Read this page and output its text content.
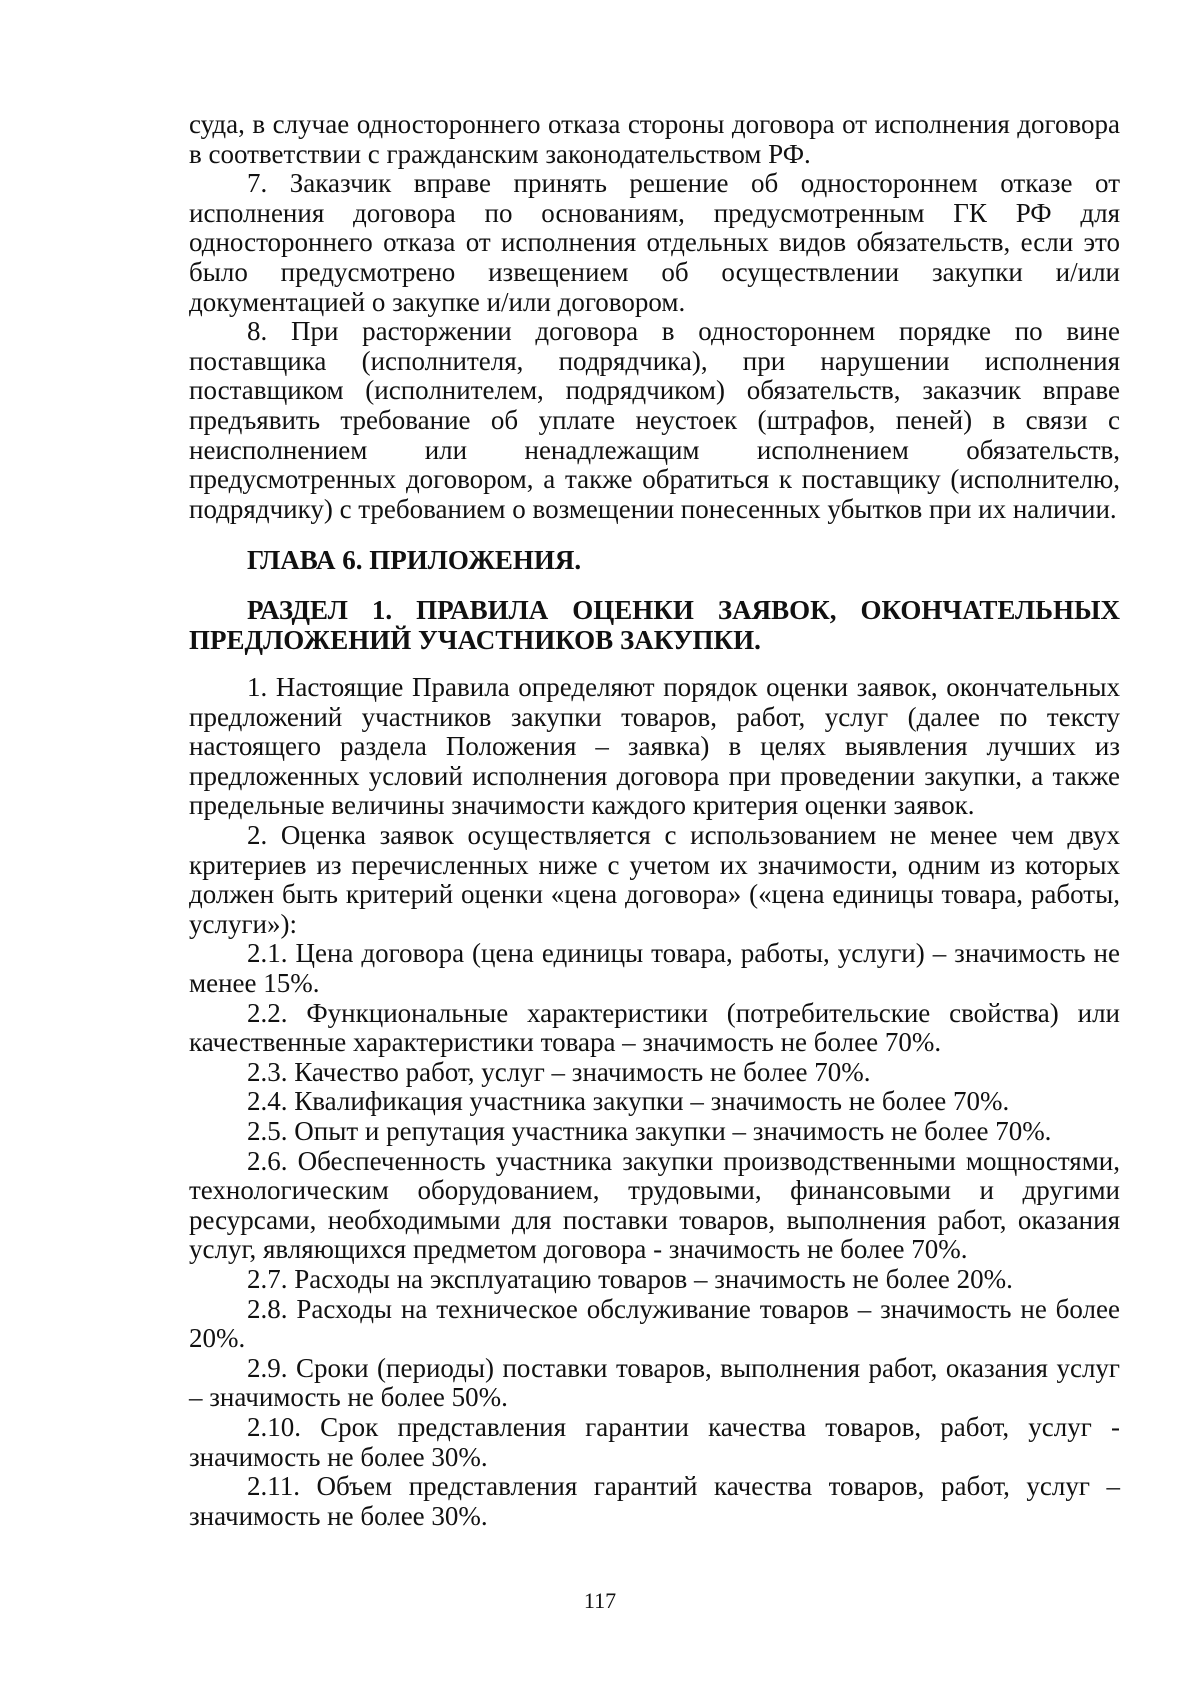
суда, в случае одностороннего отказа стороны договора от исполнения договора в соответствии с гражданским законодательством РФ.

7. Заказчик вправе принять решение об одностороннем отказе от исполнения договора по основаниям, предусмотренным ГК РФ для одностороннего отказа от исполнения отдельных видов обязательств, если это было предусмотрено извещением об осуществлении закупки и/или документацией о закупке и/или договором.

8. При расторжении договора в одностороннем порядке по вине поставщика (исполнителя, подрядчика), при нарушении исполнения поставщиком (исполнителем, подрядчиком) обязательств, заказчик вправе предъявить требование об уплате неустоек (штрафов, пеней) в связи с неисполнением или ненадлежащим исполнением обязательств, предусмотренных договором, а также обратиться к поставщику (исполнителю, подрядчику) с требованием о возмещении понесенных убытков при их наличии.

ГЛАВА 6. ПРИЛОЖЕНИЯ.

РАЗДЕЛ 1. ПРАВИЛА ОЦЕНКИ ЗАЯВОК, ОКОНЧАТЕЛЬНЫХ ПРЕДЛОЖЕНИЙ УЧАСТНИКОВ ЗАКУПКИ.

1. Настоящие Правила определяют порядок оценки заявок, окончательных предложений участников закупки товаров, работ, услуг (далее по тексту настоящего раздела Положения – заявка) в целях выявления лучших из предложенных условий исполнения договора при проведении закупки, а также предельные величины значимости каждого критерия оценки заявок.

2. Оценка заявок осуществляется с использованием не менее чем двух критериев из перечисленных ниже с учетом их значимости, одним из которых должен быть критерий оценки «цена договора» («цена единицы товара, работы, услуги»):

2.1. Цена договора (цена единицы товара, работы, услуги) – значимость не менее 15%.

2.2. Функциональные характеристики (потребительские свойства) или качественные характеристики товара – значимость не более 70%.

2.3. Качество работ, услуг – значимость не более 70%.

2.4. Квалификация участника закупки – значимость не более 70%.

2.5. Опыт и репутация участника закупки – значимость не более 70%.

2.6. Обеспеченность участника закупки производственными мощностями, технологическим оборудованием, трудовыми, финансовыми и другими ресурсами, необходимыми для поставки товаров, выполнения работ, оказания услуг, являющихся предметом договора - значимость не более 70%.

2.7. Расходы на эксплуатацию товаров – значимость не более 20%.

2.8. Расходы на техническое обслуживание товаров – значимость не более 20%.

2.9. Сроки (периоды) поставки товаров, выполнения работ, оказания услуг – значимость не более 50%.

2.10. Срок представления гарантии качества товаров, работ, услуг - значимость не более 30%.

2.11. Объем представления гарантий качества товаров, работ, услуг – значимость не более 30%.

117
